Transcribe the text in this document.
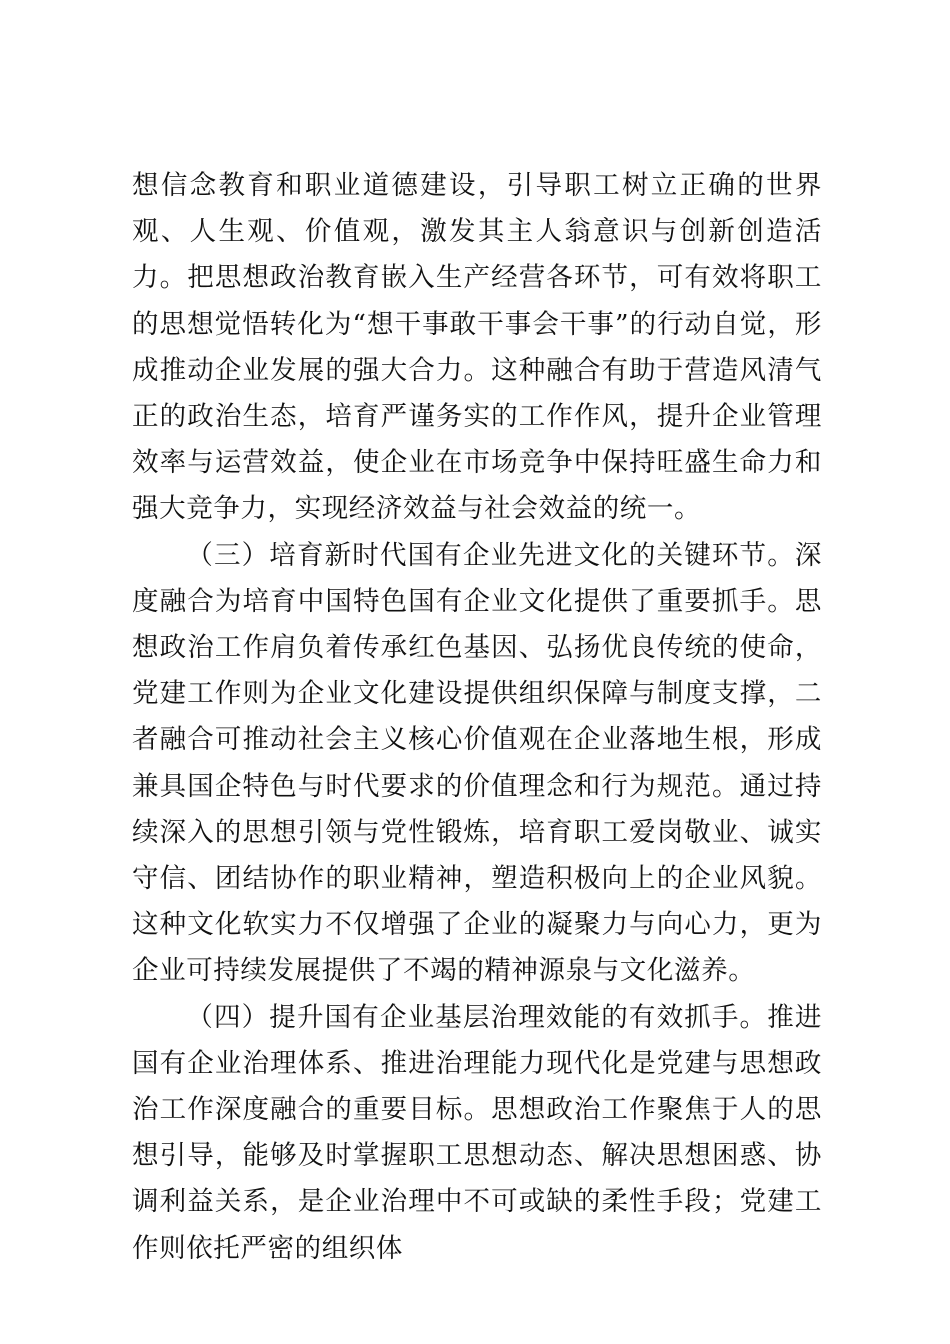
想信念教育和职业道德建设，引导职工树立正确的世界观、人生观、价值观，激发其主人翁意识与创新创造活力。把思想政治教育嵌入生产经营各环节，可有效将职工的思想觉悟转化为“想干事敢干事会干事”的行动自觉，形成推动企业发展的强大合力。这种融合有助于营造风清气正的政治生态，培育严谨务实的工作作风，提升企业管理效率与运营效益，使企业在市场竞争中保持旺盛生命力和强大竞争力，实现经济效益与社会效益的统一。

（三）培育新时代国有企业先进文化的关键环节。深度融合为培育中国特色国有企业文化提供了重要抓手。思想政治工作肩负着传承红色基因、弘扬优良传统的使命，党建工作则为企业文化建设提供组织保障与制度支撑，二者融合可推动社会主义核心价值观在企业落地生根，形成兼具国企特色与时代要求的价值理念和行为规范。通过持续深入的思想引领与党性锻炼，培育职工爱岗敬业、诚实守信、团结协作的职业精神，塑造积极向上的企业风貌。这种文化软实力不仅增强了企业的凝聚力与向心力，更为企业可持续发展提供了不竭的精神源泉与文化滋养。

（四）提升国有企业基层治理效能的有效抓手。推进国有企业治理体系、推进治理能力现代化是党建与思想政治工作深度融合的重要目标。思想政治工作聚焦于人的思想引导，能够及时掌握职工思想动态、解决思想困惑、协调利益关系，是企业治理中不可或缺的柔性手段；党建工作则依托严密的组织体
